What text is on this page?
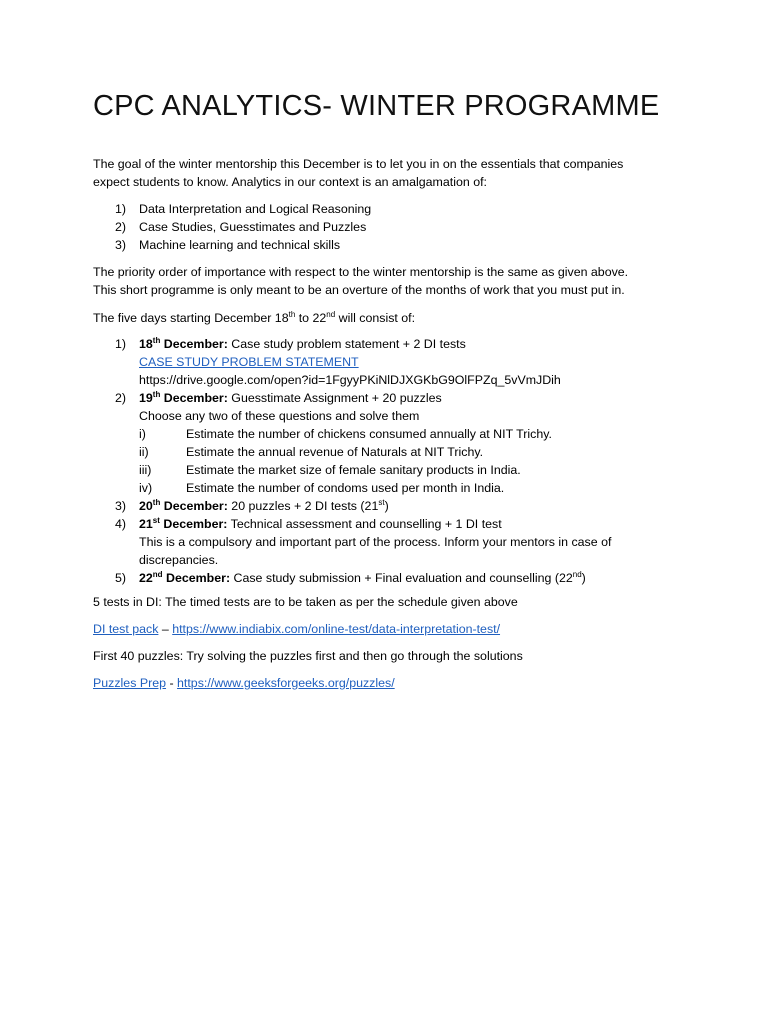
CPC ANALYTICS- WINTER PROGRAMME
The goal of the winter mentorship this December is to let you in on the essentials that companies
expect students to know. Analytics in our context is an amalgamation of:
1) Data Interpretation and Logical Reasoning
2) Case Studies, Guesstimates and Puzzles
3) Machine learning and technical skills
The priority order of importance with respect to the winter mentorship is the same as given above.
This short programme is only meant to be an overture of the months of work that you must put in.
The five days starting December 18th to 22nd will consist of:
1) 18th December: Case study problem statement + 2 DI tests
CASE STUDY PROBLEM STATEMENT
https://drive.google.com/open?id=1FgyyPKiNlDJXGKbG9OlFPZq_5vVmJDih
2) 19th December: Guesstimate Assignment + 20 puzzles
Choose any two of these questions and solve them
i)	Estimate the number of chickens consumed annually at NIT Trichy.
ii)	Estimate the annual revenue of Naturals at NIT Trichy.
iii)	Estimate the market size of female sanitary products in India.
iv)	Estimate the number of condoms used per month in India.
3) 20th December: 20 puzzles + 2 DI tests (21st)
4) 21st December: Technical assessment and counselling + 1 DI test
This is a compulsory and important part of the process. Inform your mentors in case of
discrepancies.
5) 22nd December: Case study submission + Final evaluation and counselling (22nd)
5 tests in DI: The timed tests are to be taken as per the schedule given above
DI test pack – https://www.indiabix.com/online-test/data-interpretation-test/
First 40 puzzles: Try solving the puzzles first and then go through the solutions
Puzzles Prep - https://www.geeksforgeeks.org/puzzles/
